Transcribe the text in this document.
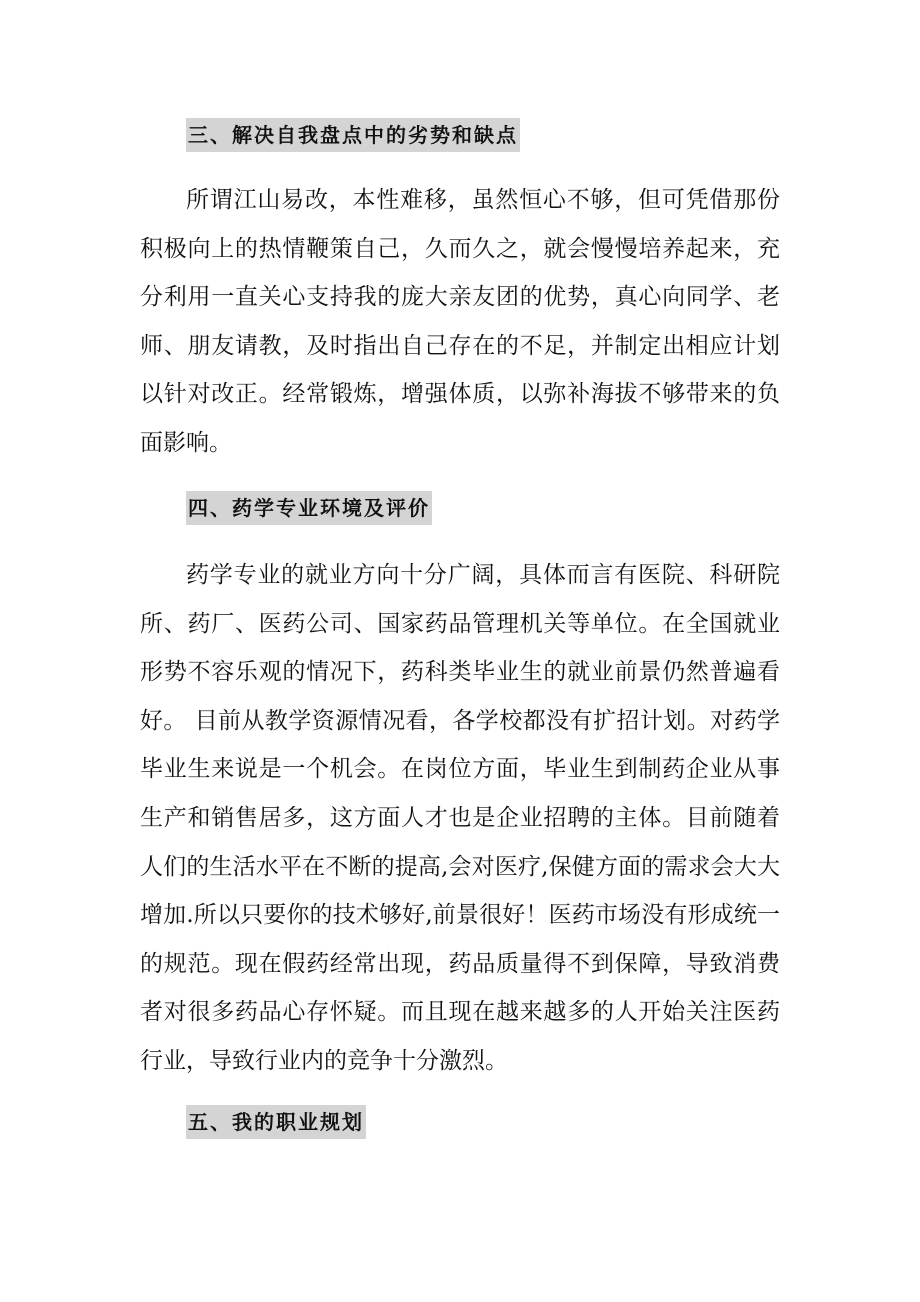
三、解决自我盘点中的劣势和缺点

所谓江山易改，本性难移，虽然恒心不够，但可凭借那份积极向上的热情鞭策自己，久而久之，就会慢慢培养起来，充分利用一直关心支持我的庞大亲友团的优势，真心向同学、老师、朋友请教，及时指出自己存在的不足，并制定出相应计划以针对改正。经常锻炼，增强体质，以弥补海拔不够带来的负面影响。

四、药学专业环境及评价

药学专业的就业方向十分广阔，具体而言有医院、科研院所、药厂、医药公司、国家药品管理机关等单位。在全国就业形势不容乐观的情况下，药科类毕业生的就业前景仍然普遍看好。 目前从教学资源情况看，各学校都没有扩招计划。对药学毕业生来说是一个机会。在岗位方面，毕业生到制药企业从事生产和销售居多，这方面人才也是企业招聘的主体。目前随着人们的生活水平在不断的提高,会对医疗,保健方面的需求会大大增加.所以只要你的技术够好,前景很好！医药市场没有形成统一的规范。现在假药经常出现，药品质量得不到保障，导致消费者对很多药品心存怀疑。而且现在越来越多的人开始关注医药行业，导致行业内的竞争十分激烈。

五、我的职业规划
